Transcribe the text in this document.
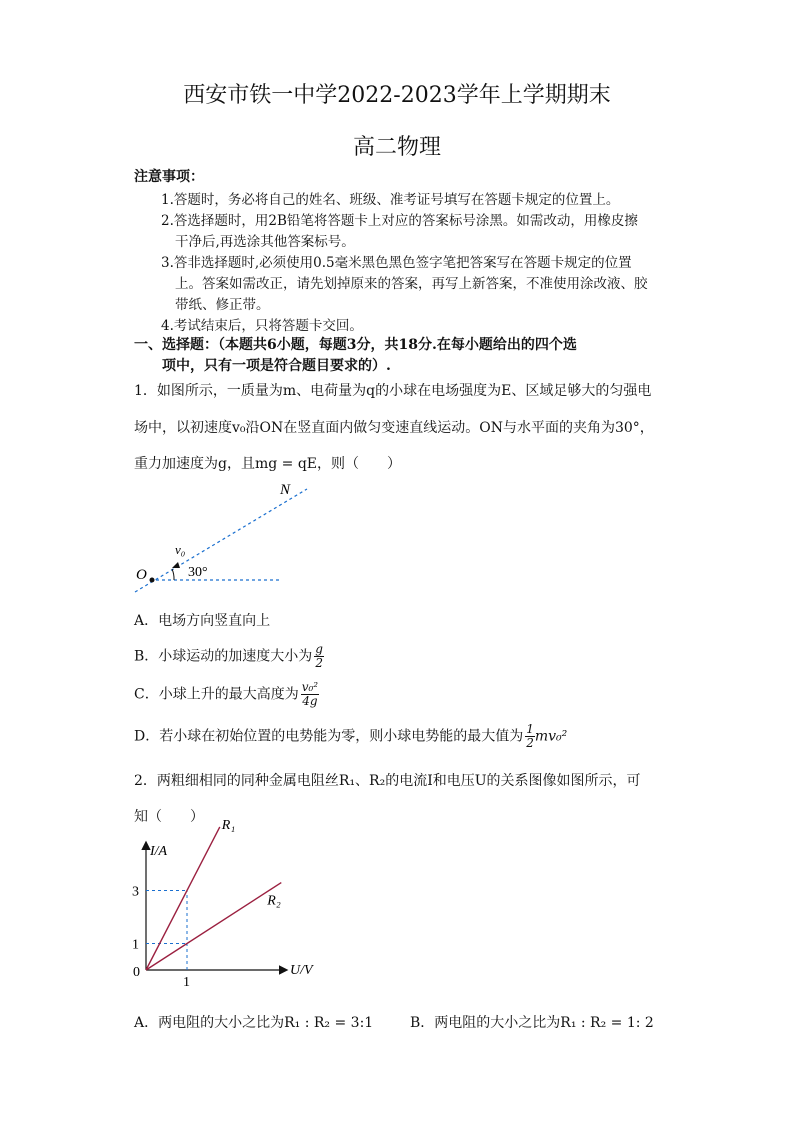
西安市铁一中学2022-2023学年上学期期末
高二物理
注意事项：
1.答题时，务必将自己的姓名、班级、准考证号填写在答题卡规定的位置上。
2.答选择题时，用2B铅笔将答题卡上对应的答案标号涂黑。如需改动，用橡皮擦
干净后,再选涂其他答案标号。
3.答非选择题时,必须使用0.5毫米黑色黑色签字笔把答案写在答题卡规定的位置
上。答案如需改正，请先划掉原来的答案，再写上新答案，不准使用涂改液、胶
带纸、修正带。
4.考试结束后，只将答题卡交回。
一、选择题：（本题共6小题，每题3分，共18分.在每小题给出的四个选
项中，只有一项是符合题目要求的）.
1．如图所示，一质量为m、电荷量为q的小球在电场强度为E、区域足够大的匀强电
场中，以初速度v₀沿ON在竖直面内做匀变速直线运动。ON与水平面的夹角为30°，
重力加速度为g，且mg = qE，则（　　）
N
v₀
O	30°
A．电场方向竖直向上
B．小球运动的加速度大小为 $\frac{g}{2}$
C．小球上升的最大高度为 $\frac{\text{v₀²}}{4g}$
D．若小球在初始位置的电势能为零，则小球电势能的最大值为 $\frac{1}{2} mv_0^2$
2．两粗细相同的同种金属电阻丝R₁、R₂的电流I和电压U的关系图像如图所示，可
知（　　）
I/A
U/V
0
R₁
R₂
1
3
1
A．两电阻的大小之比为R₁ : R₂ = 3:1	B．两电阻的大小之比为R₁ : R₂ = 1: 2
